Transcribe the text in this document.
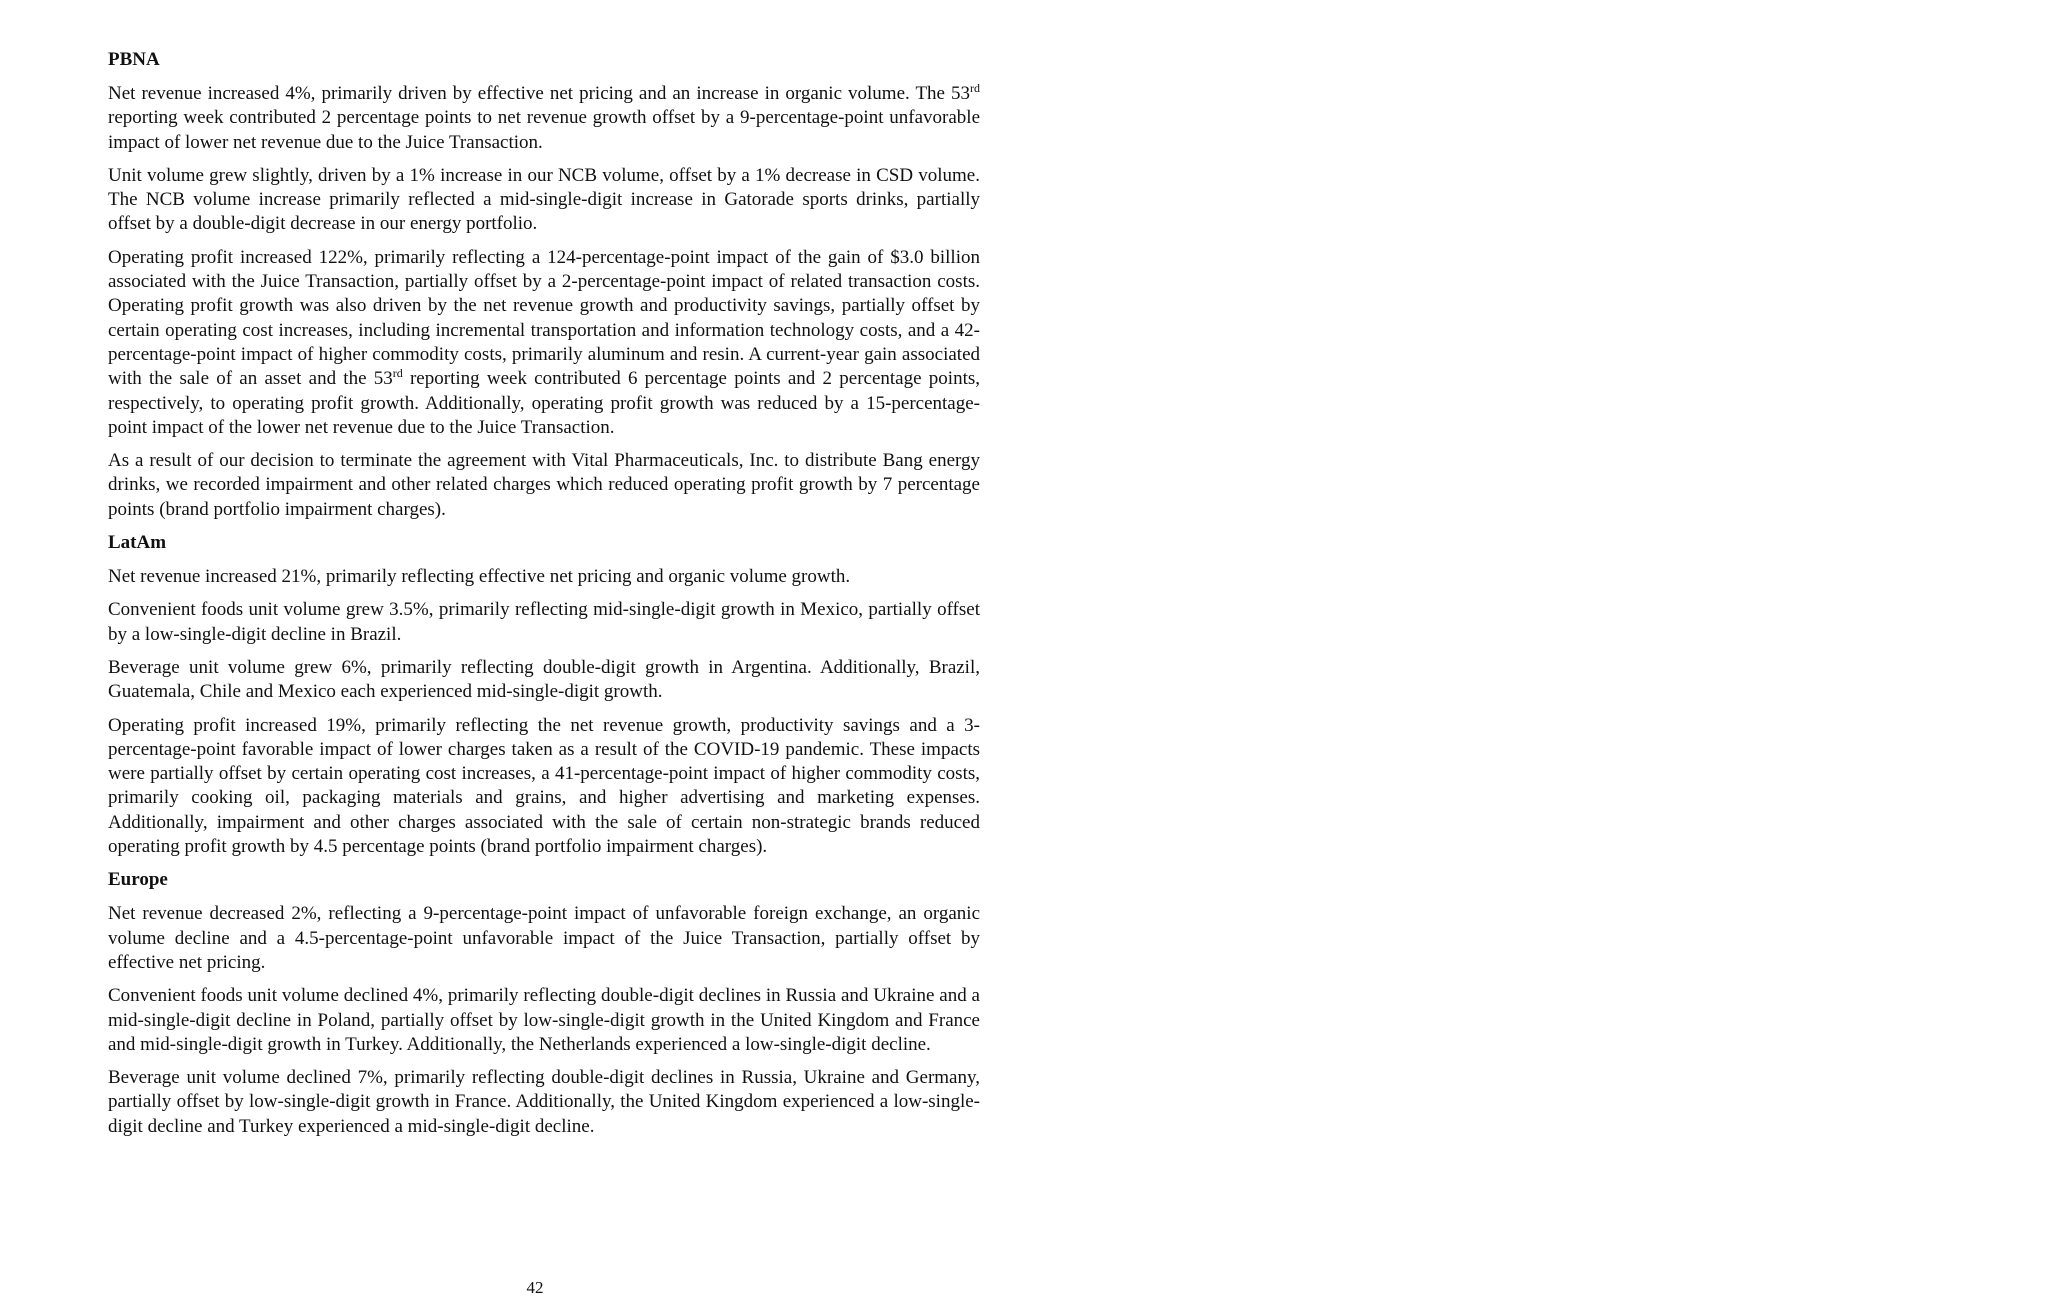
PBNA

Net revenue increased 4%, primarily driven by effective net pricing and an increase in organic volume. The 53rd reporting week contributed 2 percentage points to net revenue growth offset by a 9-percentage-point unfavorable impact of lower net revenue due to the Juice Transaction.

Unit volume grew slightly, driven by a 1% increase in our NCB volume, offset by a 1% decrease in CSD volume. The NCB volume increase primarily reflected a mid-single-digit increase in Gatorade sports drinks, partially offset by a double-digit decrease in our energy portfolio.

Operating profit increased 122%, primarily reflecting a 124-percentage-point impact of the gain of $3.0 billion associated with the Juice Transaction, partially offset by a 2-percentage-point impact of related transaction costs. Operating profit growth was also driven by the net revenue growth and productivity savings, partially offset by certain operating cost increases, including incremental transportation and information technology costs, and a 42-percentage-point impact of higher commodity costs, primarily aluminum and resin. A current-year gain associated with the sale of an asset and the 53rd reporting week contributed 6 percentage points and 2 percentage points, respectively, to operating profit growth. Additionally, operating profit growth was reduced by a 15-percentage-point impact of the lower net revenue due to the Juice Transaction.

As a result of our decision to terminate the agreement with Vital Pharmaceuticals, Inc. to distribute Bang energy drinks, we recorded impairment and other related charges which reduced operating profit growth by 7 percentage points (brand portfolio impairment charges).

LatAm

Net revenue increased 21%, primarily reflecting effective net pricing and organic volume growth.

Convenient foods unit volume grew 3.5%, primarily reflecting mid-single-digit growth in Mexico, partially offset by a low-single-digit decline in Brazil.

Beverage unit volume grew 6%, primarily reflecting double-digit growth in Argentina. Additionally, Brazil, Guatemala, Chile and Mexico each experienced mid-single-digit growth.

Operating profit increased 19%, primarily reflecting the net revenue growth, productivity savings and a 3-percentage-point favorable impact of lower charges taken as a result of the COVID-19 pandemic. These impacts were partially offset by certain operating cost increases, a 41-percentage-point impact of higher commodity costs, primarily cooking oil, packaging materials and grains, and higher advertising and marketing expenses. Additionally, impairment and other charges associated with the sale of certain non-strategic brands reduced operating profit growth by 4.5 percentage points (brand portfolio impairment charges).

Europe

Net revenue decreased 2%, reflecting a 9-percentage-point impact of unfavorable foreign exchange, an organic volume decline and a 4.5-percentage-point unfavorable impact of the Juice Transaction, partially offset by effective net pricing.

Convenient foods unit volume declined 4%, primarily reflecting double-digit declines in Russia and Ukraine and a mid-single-digit decline in Poland, partially offset by low-single-digit growth in the United Kingdom and France and mid-single-digit growth in Turkey. Additionally, the Netherlands experienced a low-single-digit decline.

Beverage unit volume declined 7%, primarily reflecting double-digit declines in Russia, Ukraine and Germany, partially offset by low-single-digit growth in France. Additionally, the United Kingdom experienced a low-single-digit decline and Turkey experienced a mid-single-digit decline.

42
